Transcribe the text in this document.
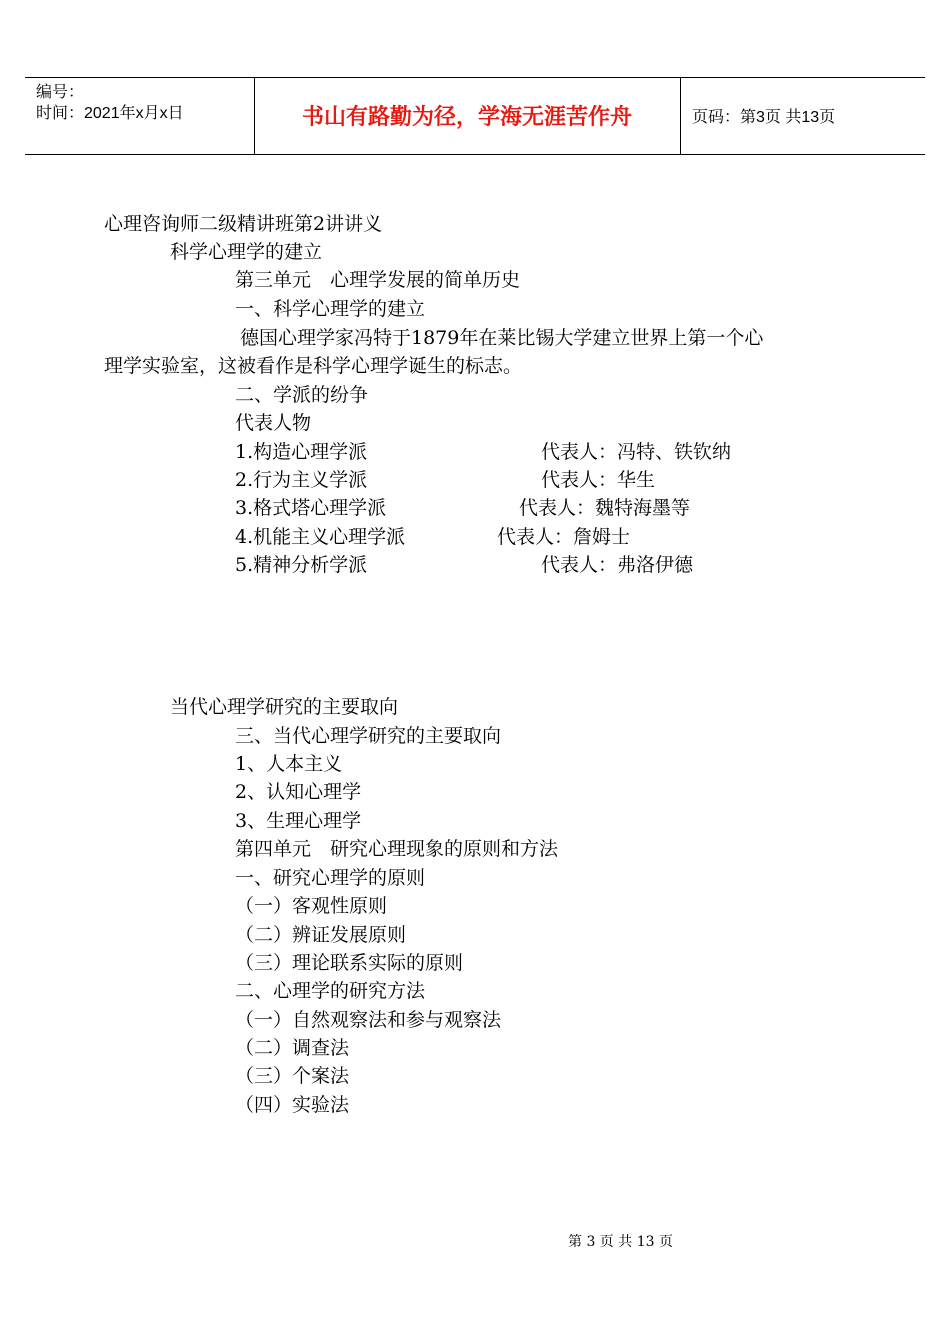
编号：
时间：2021年x月x日	书山有路勤为径，学海无涯苦作舟	页码：第3页 共13页
心理咨询师二级精讲班第2讲讲义
科学心理学的建立
第三单元　心理学发展的简单历史
一、科学心理学的建立
德国心理学家冯特于1879年在莱比锡大学建立世界上第一个心
理学实验室，这被看作是科学心理学诞生的标志。
二、学派的纷争
代表人物
1.构造心理学派	代表人：冯特、铁钦纳
2.行为主义学派	代表人：华生
3.格式塔心理学派	代表人：魏特海墨等
4.机能主义心理学派	代表人：詹姆士
5.精神分析学派	代表人：弗洛伊德
当代心理学研究的主要取向
三、当代心理学研究的主要取向
1、人本主义
2、认知心理学
3、生理心理学
第四单元　研究心理现象的原则和方法
一、研究心理学的原则
（一）客观性原则
（二）辨证发展原则
（三）理论联系实际的原则
二、心理学的研究方法
（一）自然观察法和参与观察法
（二）调查法
（三）个案法
（四）实验法
第 3 页 共 13 页
